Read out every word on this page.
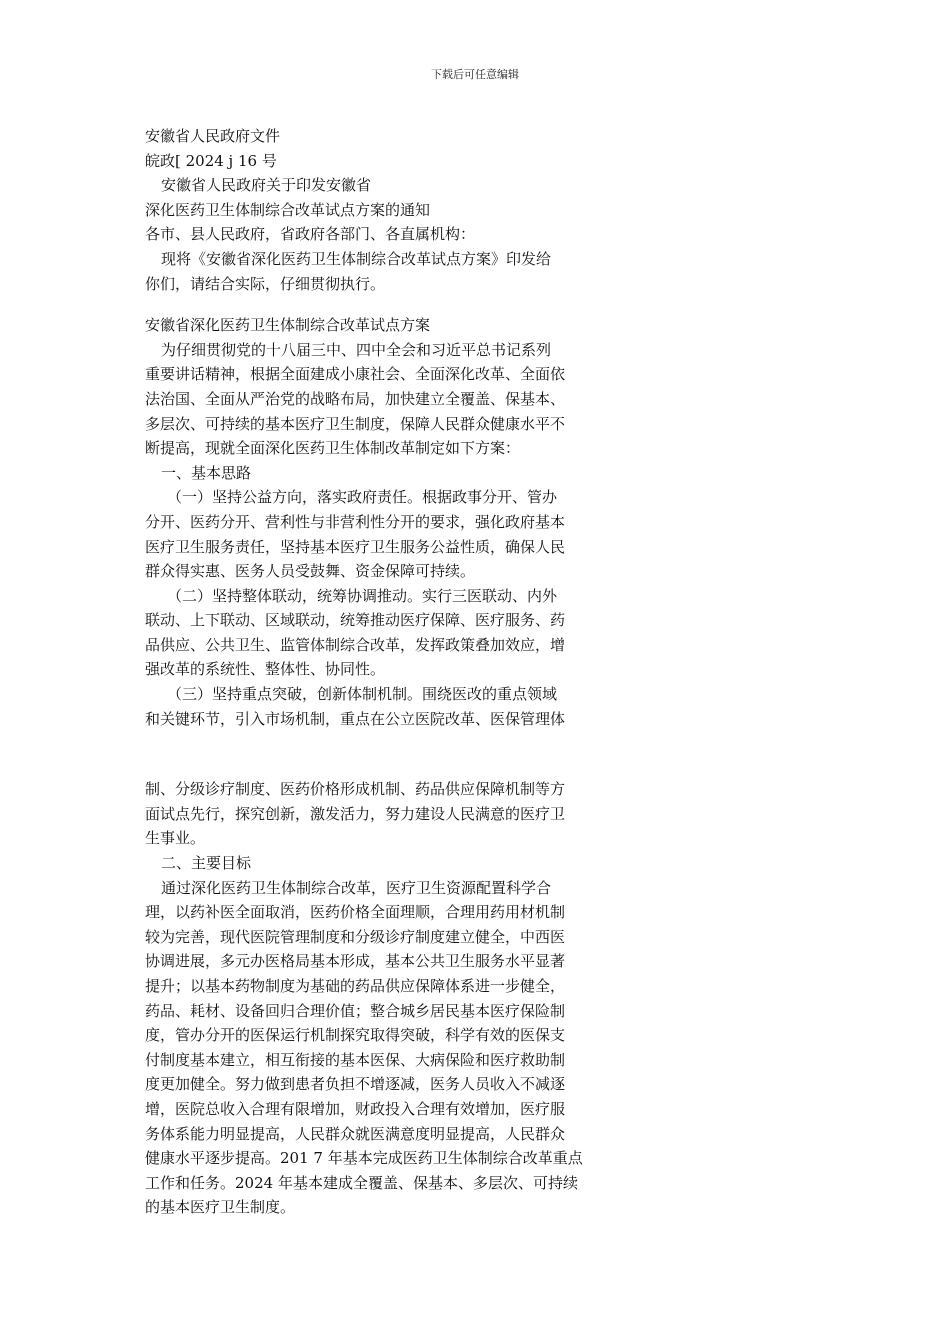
下载后可任意编辑
安徽省人民政府文件
皖政[ 2024 j 16 号
安徽省人民政府关于印发安徽省
深化医药卫生体制综合改革试点方案的通知
各市、县人民政府，省政府各部门、各直属机构：
现将《安徽省深化医药卫生体制综合改革试点方案》印发给
你们，请结合实际，仔细贯彻执行。
安徽省深化医药卫生体制综合改革试点方案
为仔细贯彻党的十八届三中、四中全会和习近平总书记系列
重要讲话精神，根据全面建成小康社会、全面深化改革、全面依
法治国、全面从严治党的战略布局，加快建立全覆盖、保基本、
多层次、可持续的基本医疗卫生制度，保障人民群众健康水平不
断提高，现就全面深化医药卫生体制改革制定如下方案：
一、基本思路
（一）坚持公益方向，落实政府责任。根据政事分开、管办
分开、医药分开、营利性与非营利性分开的要求，强化政府基本
医疗卫生服务责任，坚持基本医疗卫生服务公益性质，确保人民
群众得实惠、医务人员受鼓舞、资金保障可持续。
（二）坚持整体联动，统筹协调推动。实行三医联动、内外
联动、上下联动、区域联动，统筹推动医疗保障、医疗服务、药
品供应、公共卫生、监管体制综合改革，发挥政策叠加效应，增
强改革的系统性、整体性、协同性。
（三）坚持重点突破，创新体制机制。围绕医改的重点领域
和关键环节，引入市场机制，重点在公立医院改革、医保管理体
制、分级诊疗制度、医药价格形成机制、药品供应保障机制等方
面试点先行，探究创新，激发活力，努力建设人民满意的医疗卫
生事业。
二、主要目标
通过深化医药卫生体制综合改革，医疗卫生资源配置科学合
理，以药补医全面取消，医药价格全面理顺，合理用药用材机制
较为完善，现代医院管理制度和分级诊疗制度建立健全，中西医
协调进展，多元办医格局基本形成，基本公共卫生服务水平显著
提升；以基本药物制度为基础的药品供应保障体系进一步健全，
药品、耗材、设备回归合理价值；整合城乡居民基本医疗保险制
度，管办分开的医保运行机制探究取得突破，科学有效的医保支
付制度基本建立，相互衔接的基本医保、大病保险和医疗救助制
度更加健全。努力做到患者负担不增逐减，医务人员收入不减逐
增，医院总收入合理有限增加，财政投入合理有效增加，医疗服
务体系能力明显提高，人民群众就医满意度明显提高，人民群众
健康水平逐步提高。201 7 年基本完成医药卫生体制综合改革重点
工作和任务。2024 年基本建成全覆盖、保基本、多层次、可持续
的基本医疗卫生制度。
